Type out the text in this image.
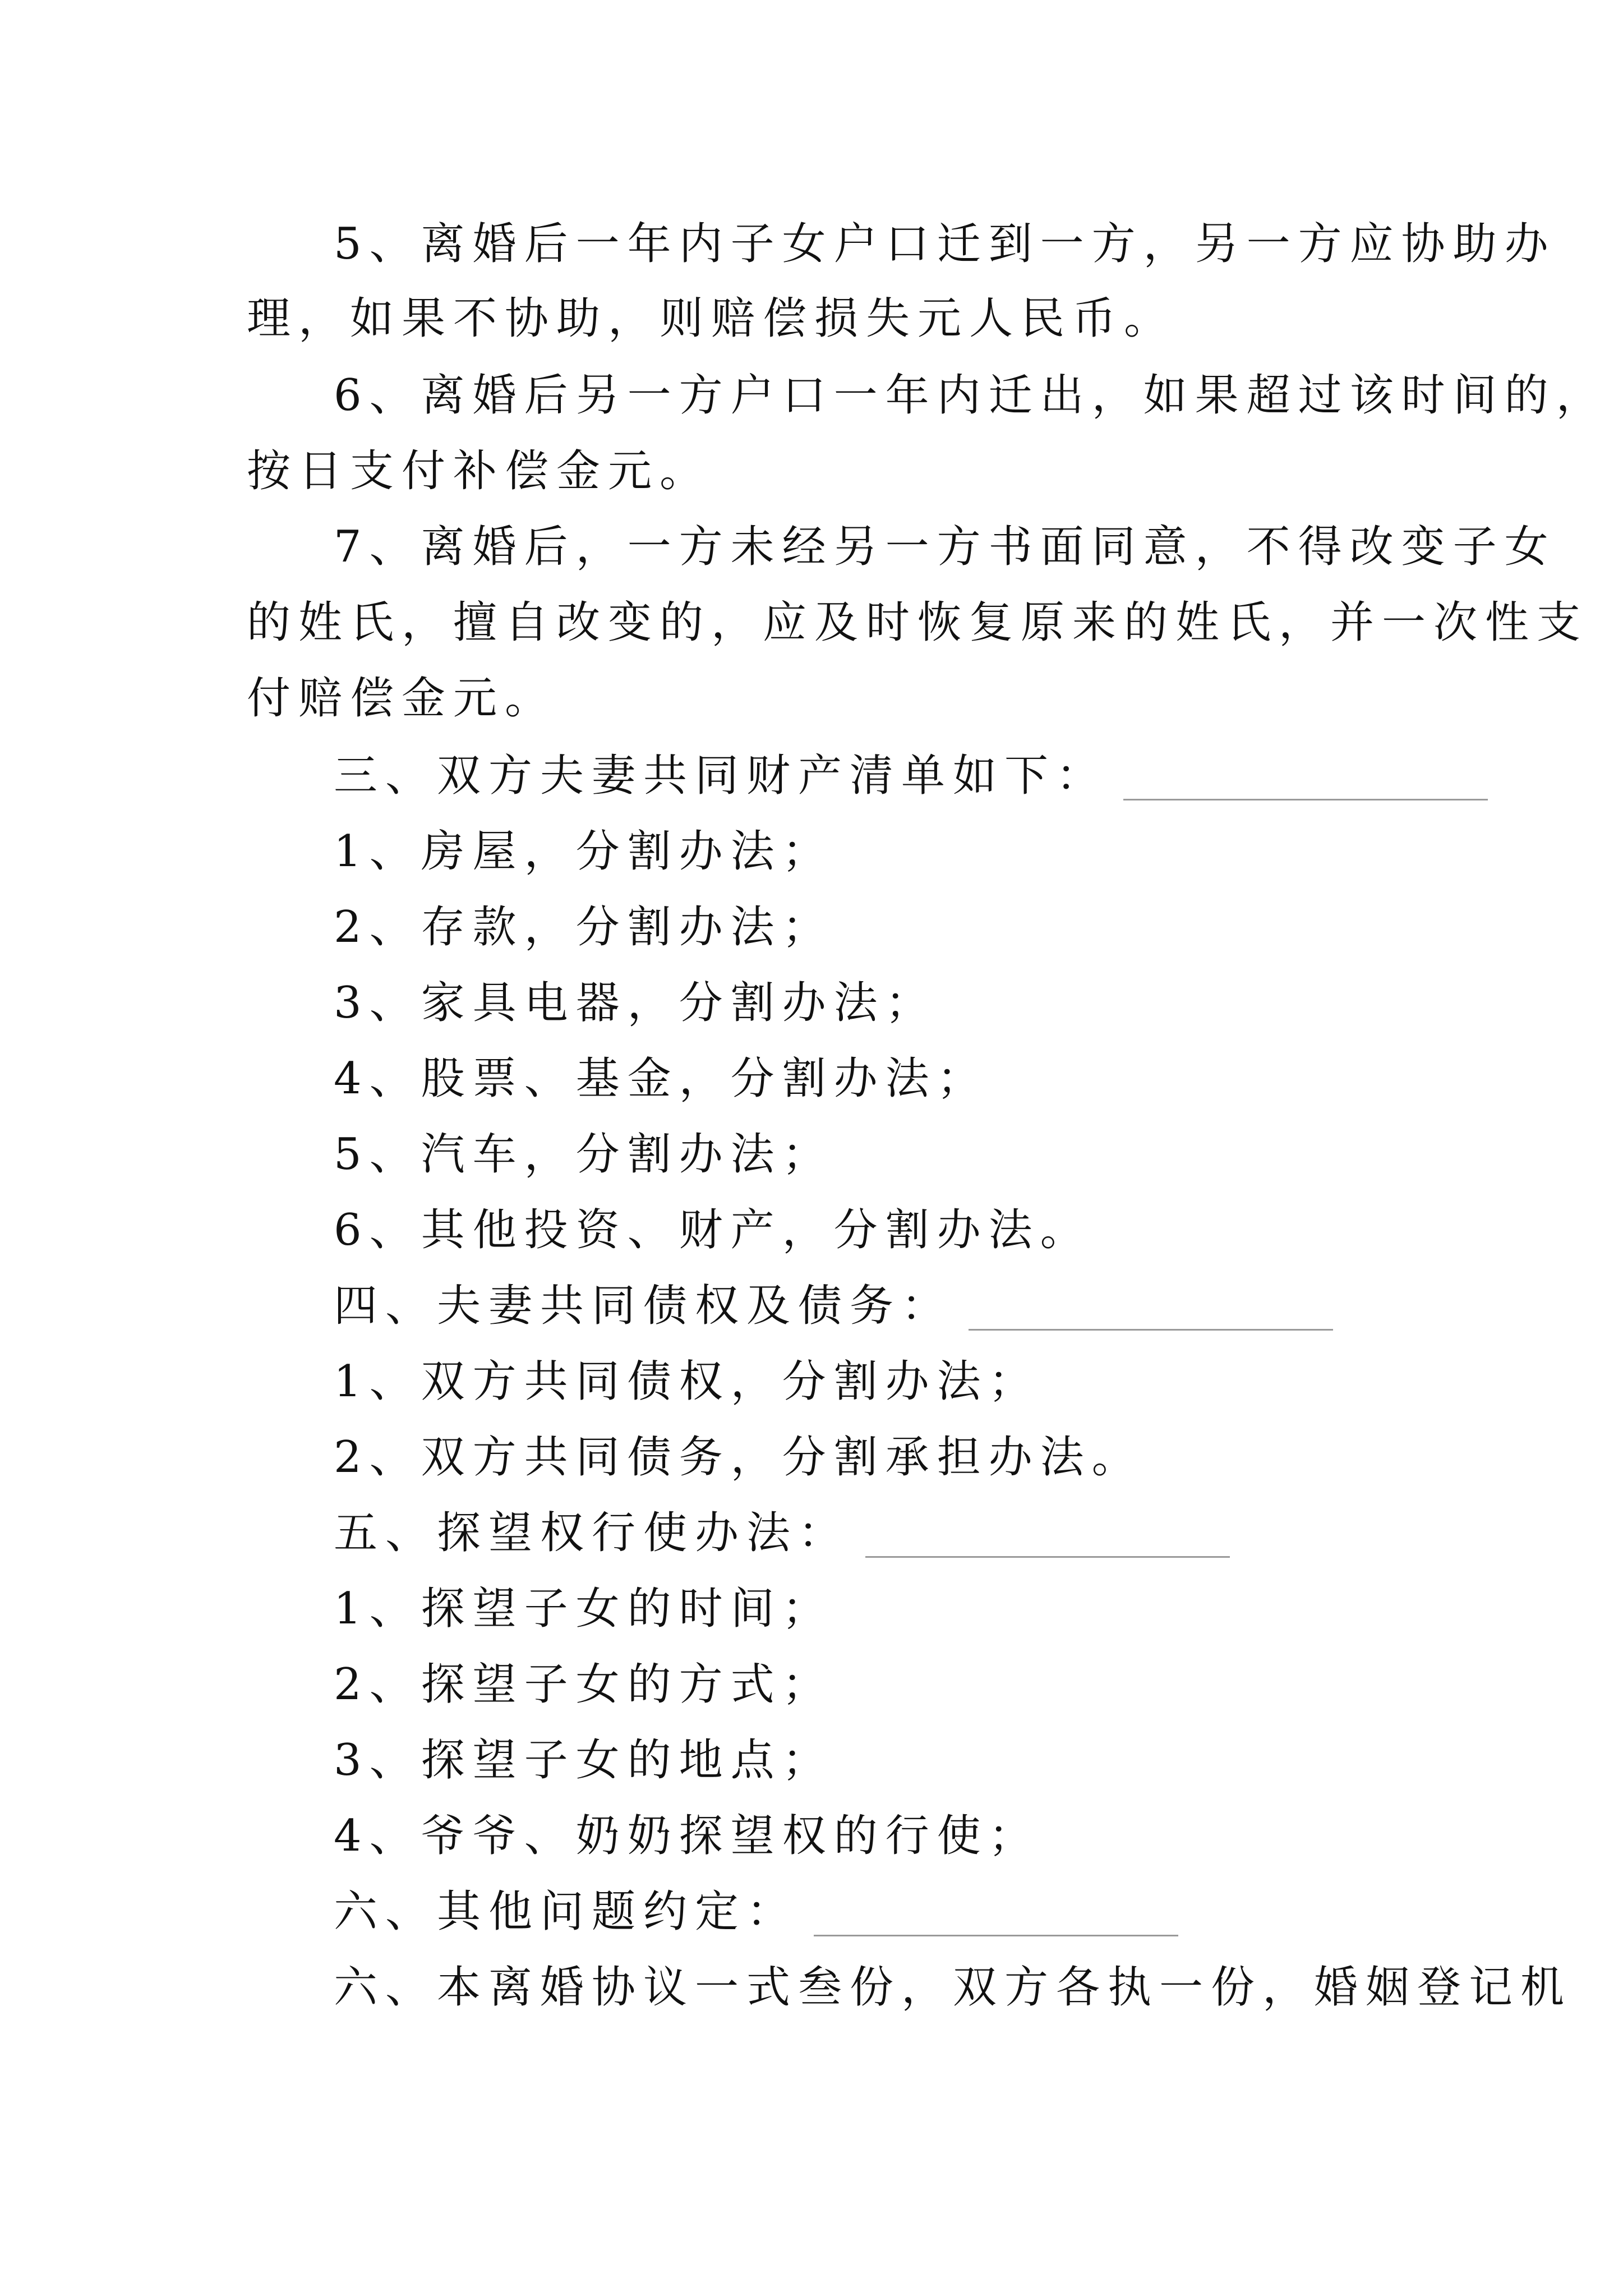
5、离婚后一年内子女户口迁到一方，另一方应协助办
理，如果不协助，则赔偿损失元人民币。
6、离婚后另一方户口一年内迁出，如果超过该时间的，
按日支付补偿金元。
7、离婚后，一方未经另一方书面同意，不得改变子女
的姓氏，擅自改变的，应及时恢复原来的姓氏，并一次性支
付赔偿金元。
三、双方夫妻共同财产清单如下：
1、房屋，分割办法；
2、存款，分割办法；
3、家具电器，分割办法；
4、股票、基金，分割办法；
5、汽车，分割办法；
6、其他投资、财产，分割办法。
四、夫妻共同债权及债务：
1、双方共同债权，分割办法；
2、双方共同债务，分割承担办法。
五、探望权行使办法：
1、探望子女的时间；
2、探望子女的方式；
3、探望子女的地点；
4、爷爷、奶奶探望权的行使；
六、其他问题约定：
六、本离婚协议一式叁份，双方各执一份，婚姻登记机
